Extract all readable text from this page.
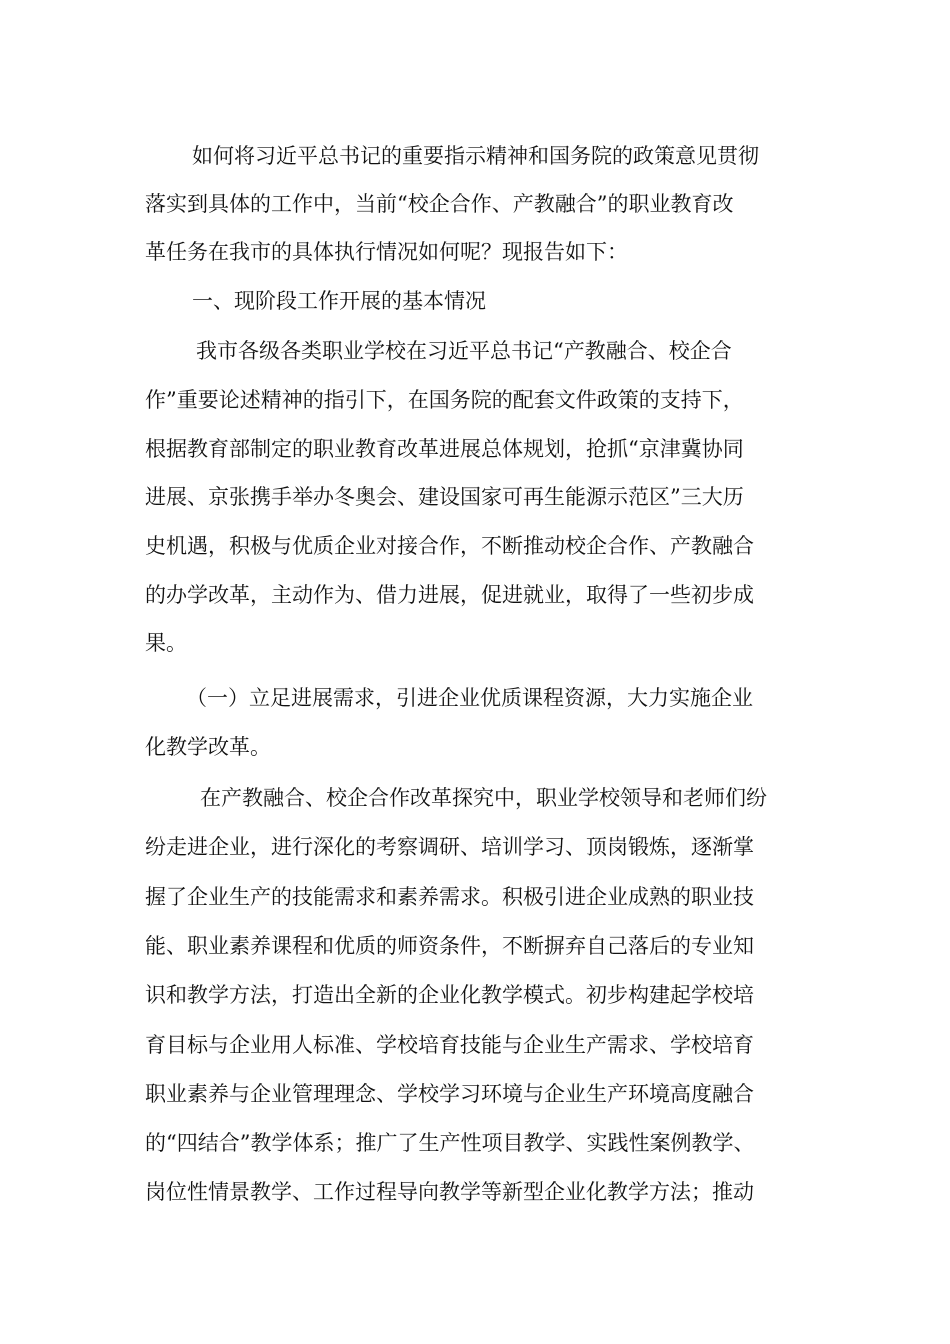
如何将习近平总书记的重要指示精神和国务院的政策意见贯彻
落实到具体的工作中，当前“校企合作、产教融合”的职业教育改
革任务在我市的具体执行情况如何呢？现报告如下：
一、现阶段工作开展的基本情况
我市各级各类职业学校在习近平总书记“产教融合、校企合
作”重要论述精神的指引下，在国务院的配套文件政策的支持下，
根据教育部制定的职业教育改革进展总体规划，抢抓“京津冀协同
进展、京张携手举办冬奥会、建设国家可再生能源示范区”三大历
史机遇，积极与优质企业对接合作，不断推动校企合作、产教融合
的办学改革，主动作为、借力进展，促进就业，取得了一些初步成
果。
（一）立足进展需求，引进企业优质课程资源，大力实施企业
化教学改革。
在产教融合、校企合作改革探究中，职业学校领导和老师们纷
纷走进企业，进行深化的考察调研、培训学习、顶岗锻炼，逐渐掌
握了企业生产的技能需求和素养需求。积极引进企业成熟的职业技
能、职业素养课程和优质的师资条件，不断摒弃自己落后的专业知
识和教学方法，打造出全新的企业化教学模式。初步构建起学校培
育目标与企业用人标准、学校培育技能与企业生产需求、学校培育
职业素养与企业管理理念、学校学习环境与企业生产环境高度融合
的“四结合”教学体系；推广了生产性项目教学、实践性案例教学、
岗位性情景教学、工作过程导向教学等新型企业化教学方法；推动
